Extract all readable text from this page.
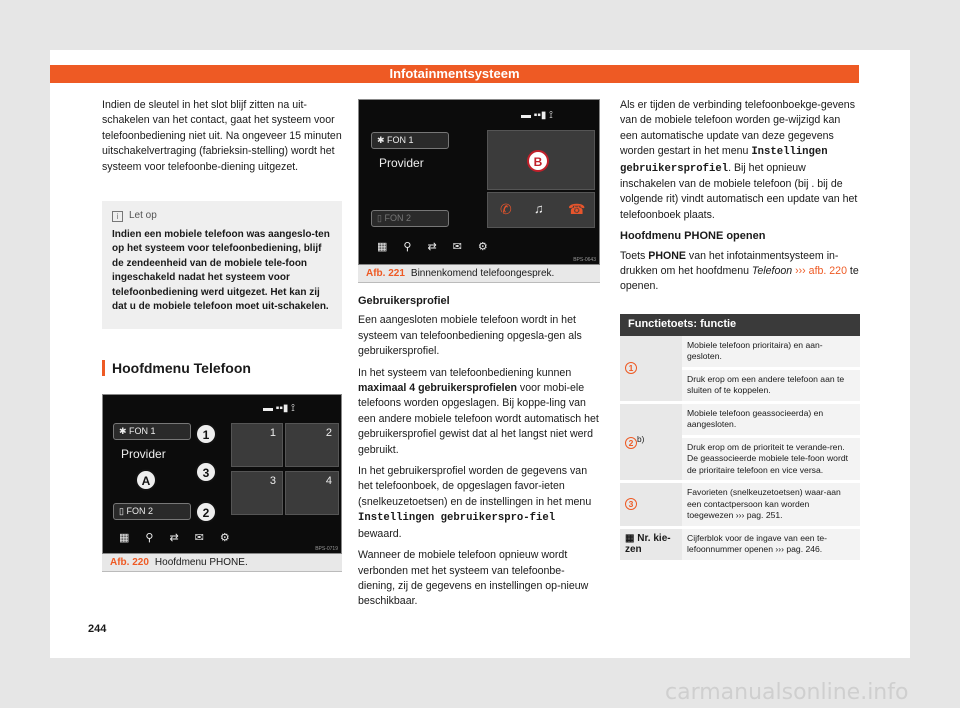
Infotainmentsysteem

Indien de sleutel in het slot blijf zitten na uit-schakelen van het contact, gaat het systeem voor telefoonbediening niet uit. Na ongeveer 15 minuten uitschakelvertraging (fabrieksin-stelling) wordt het systeem voor telefoonbe-diening uitgezet.

i	Let op
Indien een mobiele telefoon was aangeslo-ten op het systeem voor telefoonbediening, blijf de zendeenheid van de mobiele tele-foon ingeschakeld nadat het systeem voor telefoonbediening werd uitgezet. Het kan zij dat u de mobiele telefoon moet uit-schakelen.
Hoofdmenu Telefoon
▬ ▪▪▮ ⟟
✱ FON 1
Provider
▯ FON 2
1	2
3	4
1
2
3
A
▦⚲⇄✉⚙
BPS-0719
Afb. 220 Hoofdmenu PHONE.
▬ ▪▪▮ ⟟
✱ FON 1
Provider
▯ FON 2
B
✆ ♫ ☎
▦⚲⇄✉⚙
BPS-0643
Afb. 221 Binnenkomend telefoongesprek.
Gebruikersprofiel

Een aangesloten mobiele telefoon wordt in het systeem van telefoonbediening opgesla-gen als gebruikersprofiel.

In het systeem van telefoonbediening kunnen maximaal 4 gebruikersprofielen voor mobi-ele telefoons worden opgeslagen. Bij koppe-ling van een andere mobiele telefoon wordt automatisch het gebruikersprofiel gewist dat al het langst niet werd gebruikt.

In het gebruikersprofiel worden de gegevens van het telefoonboek, de opgeslagen favor-ieten (snelkeuzetoetsen) en de instellingen in het menu Instellingen gebruikerspro-fiel bewaard.

Wanneer de mobiele telefoon opnieuw wordt verbonden met het systeem van telefoonbe-diening, zij de gegevens en instellingen op-nieuw beschikbaar.

Als er tijden de verbinding telefoonboekge-gevens van de mobiele telefoon worden ge-wijzigd kan een automatische update van deze gegevens worden gestart in het menu Instellingen gebruikersprofiel. Bij het opnieuw inschakelen van de mobiele telefoon (bij . bij de volgende rit) vindt automatisch een update van het telefoonboek plaats.

Hoofdmenu PHONE openen

Toets PHONE van het infotainmentsysteem in-drukken om het hoofdmenu Telefoon ››› afb. 220 te openen.

Functietoets: functie	
1	Mobiele telefoon prioritaira) en aan-gesloten.
	Druk erop om een andere telefoon aan te sluiten of te koppelen.
2 $^{b)}$	Mobiele telefoon geassocieerda) en aangesloten.
	Druk erop om de prioriteit te verande-ren. De geassocieerde mobiele tele-foon wordt de prioritaire telefoon en vice versa.
3	Favorieten (snelkeuzetoetsen) waar-aan een contactpersoon kan worden toegewezen ››› pag. 251.
▦ Nr. kie-zen	Cijferblok voor de ingave van een te-lefoonnummer openen ››› pag. 246.
244
carmanualsonline.info
